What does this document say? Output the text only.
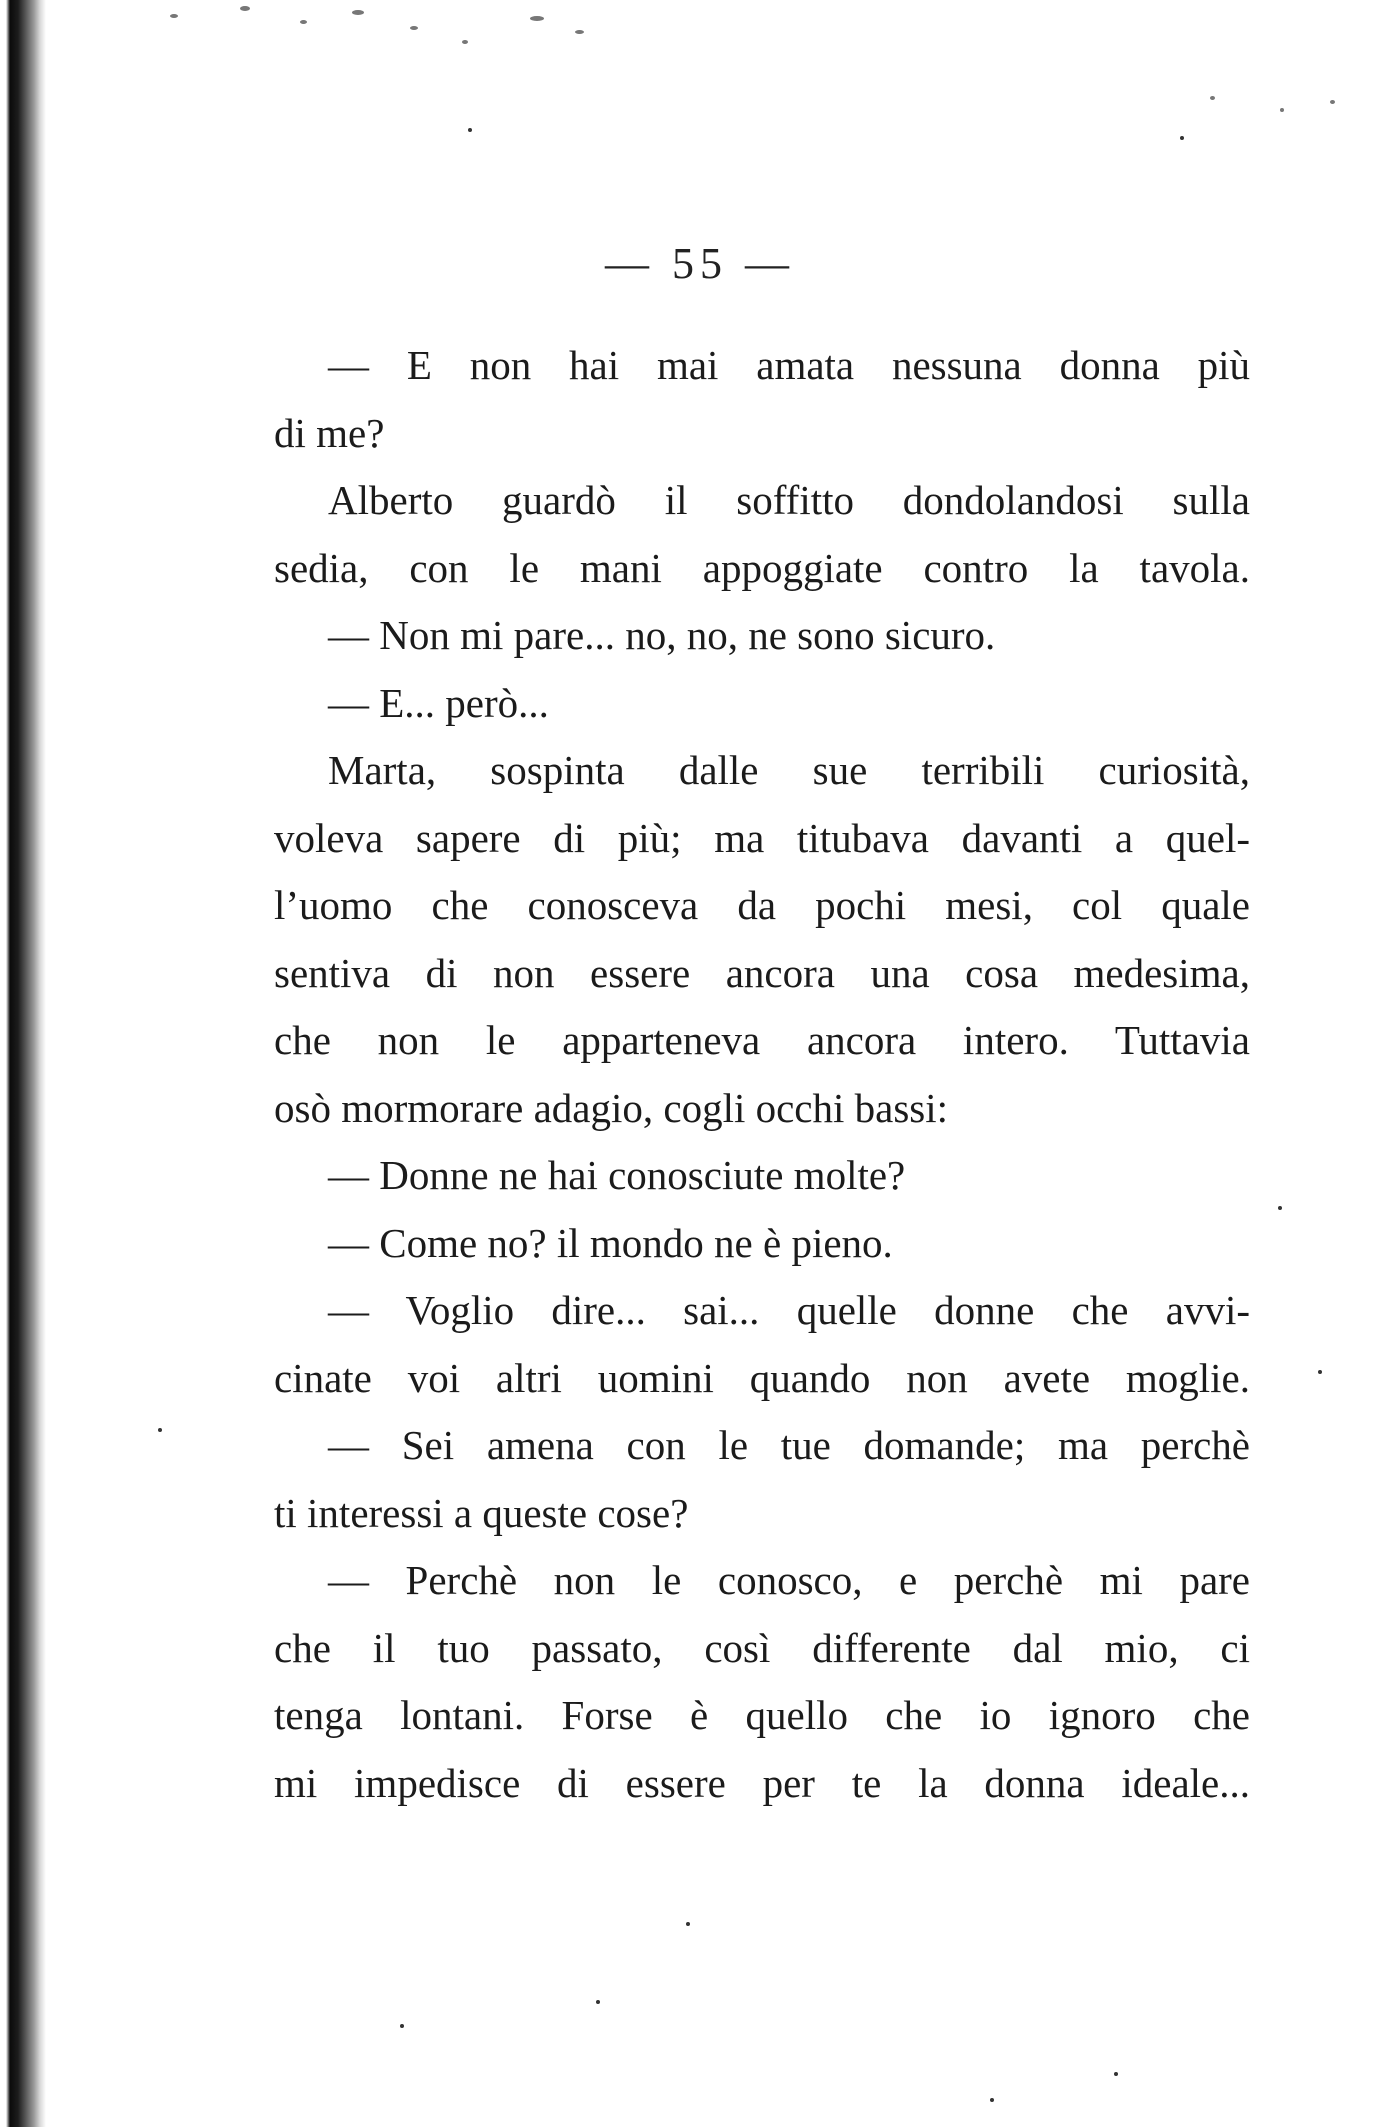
— 55 —
— E non hai mai amata nessuna donna più
di me?
Alberto guardò il soffitto dondolandosi sulla
sedia, con le mani appoggiate contro la tavola.
— Non mi pare... no, no, ne sono sicuro.
— E... però...
Marta, sospinta dalle sue terribili curiosità,
voleva sapere di più; ma titubava davanti a quel-
l’uomo che conosceva da pochi mesi, col quale
sentiva di non essere ancora una cosa medesima,
che non le apparteneva ancora intero. Tuttavia
osò mormorare adagio, cogli occhi bassi:
— Donne ne hai conosciute molte?
— Come no? il mondo ne è pieno.
— Voglio dire... sai... quelle donne che avvi-
cinate voi altri uomini quando non avete moglie.
— Sei amena con le tue domande; ma perchè
ti interessi a queste cose?
— Perchè non le conosco, e perchè mi pare
che il tuo passato, così differente dal mio, ci
tenga lontani. Forse è quello che io ignoro che
mi impedisce di essere per te la donna ideale...
